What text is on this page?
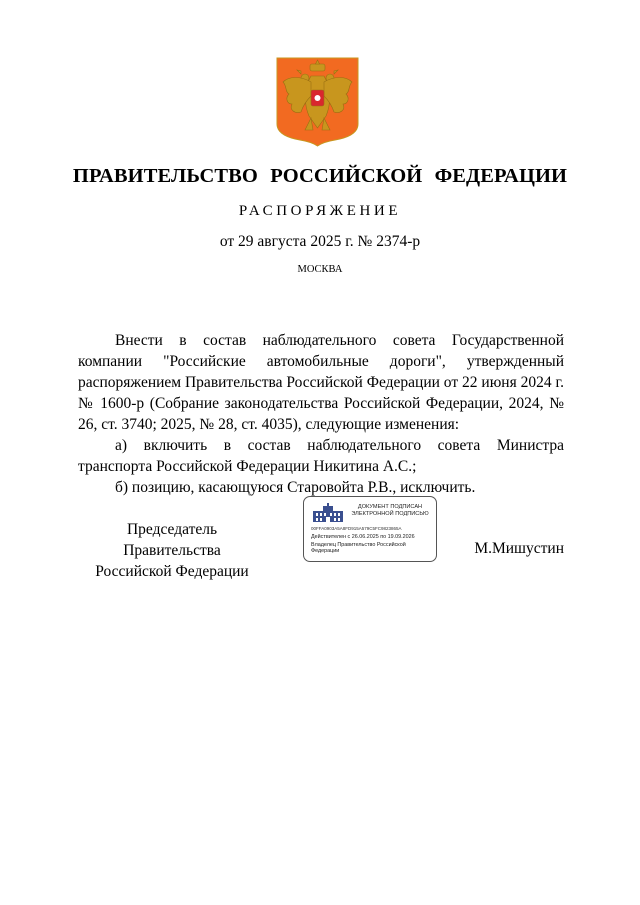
ПРАВИТЕЛЬСТВО РОССИЙСКОЙ ФЕДЕРАЦИИ
РАСПОРЯЖЕНИЕ
от 29 августа 2025 г. № 2374-р
МОСКВА

Внести в состав наблюдательного совета Государственной компании "Российские автомобильные дороги", утвержденный распоряжением Правительства Российской Федерации от 22 июня 2024 г. № 1600-р (Собрание законодательства Российской Федерации, 2024, № 26, ст. 3740; 2025, № 28, ст. 4035), следующие изменения:

а) включить в состав наблюдательного совета Министра транспорта Российской Федерации Никитина А.С.;

б) позицию, касающуюся Старовойта Р.В., исключить.

Председатель Правительства
Российской Федерации
ДОКУМЕНТ ПОДПИСАН
ЭЛЕКТРОННОЙ ПОДПИСЬЮ
00FFA0903A5A8FD915A579C5FC9823865A
Действителен с 26.06.2025 по 19.09.2026
Владелец Правительство Российской Федерации	М.Мишустин
